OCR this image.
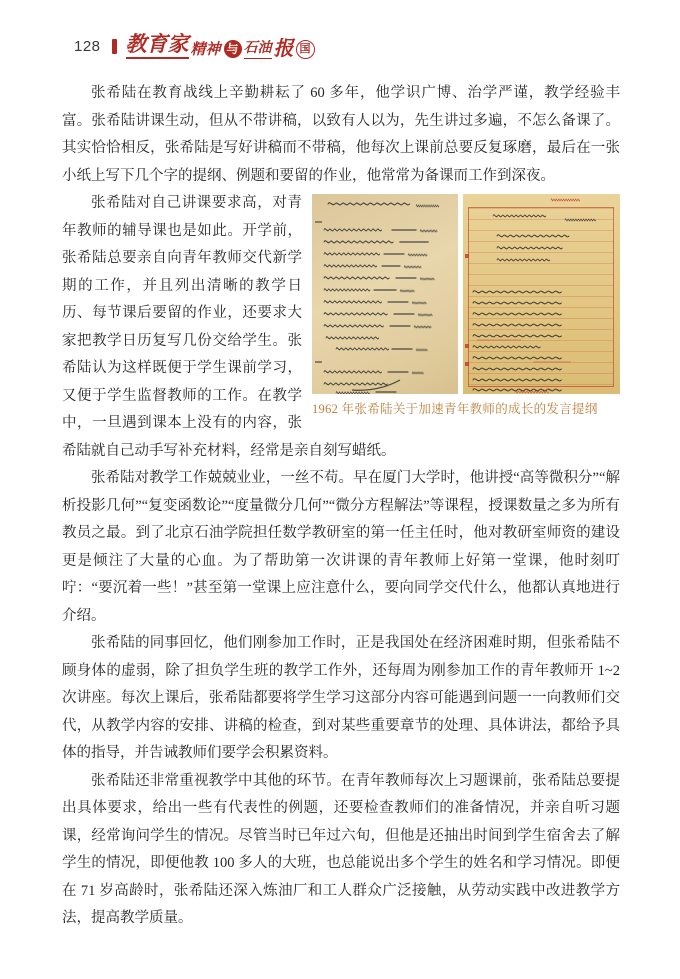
128 教育家 精神 与 石油 报 国
张希陆在教育战线上辛勤耕耘了 60 多年，他学识广博、治学严谨，教学经验丰富。张希陆讲课生动，但从不带讲稿，以致有人以为，先生讲过多遍，不怎么备课了。其实恰恰相反，张希陆是写好讲稿而不带稿，他每次上课前总要反复琢磨，最后在一张小纸上写下几个字的提纲、例题和要留的作业，他常常为备课而工作到深夜。
1962 年张希陆关于加速青年教师的成长的发言提纲
张希陆对自己讲课要求高，对青年教师的辅导课也是如此。开学前，张希陆总要亲自向青年教师交代新学期的工作，并且列出清晰的教学日历、每节课后要留的作业，还要求大家把教学日历复写几份交给学生。张希陆认为这样既便于学生课前学习，又便于学生监督教师的工作。在教学中，一旦遇到课本上没有的内容，张希陆就自己动手写补充材料，经常是亲自刻写蜡纸。
张希陆对教学工作兢兢业业，一丝不苟。早在厦门大学时，他讲授“高等微积分”“解析投影几何”“复变函数论”“度量微分几何”“微分方程解法”等课程，授课数量之多为所有教员之最。到了北京石油学院担任数学教研室的第一任主任时，他对教研室师资的建设更是倾注了大量的心血。为了帮助第一次讲课的青年教师上好第一堂课，他时刻叮咛：“要沉着一些！”甚至第一堂课上应注意什么，要向同学交代什么，他都认真地进行介绍。
张希陆的同事回忆，他们刚参加工作时，正是我国处在经济困难时期，但张希陆不顾身体的虚弱，除了担负学生班的教学工作外，还每周为刚参加工作的青年教师开 1~2 次讲座。每次上课后，张希陆都要将学生学习这部分内容可能遇到问题一一向教师们交代，从教学内容的安排、讲稿的检查，到对某些重要章节的处理、具体讲法，都给予具体的指导，并告诫教师们要学会积累资料。
张希陆还非常重视教学中其他的环节。在青年教师每次上习题课前，张希陆总要提出具体要求，给出一些有代表性的例题，还要检查教师们的准备情况，并亲自听习题课，经常询问学生的情况。尽管当时已年过六旬，但他是还抽出时间到学生宿舍去了解学生的情况，即便他教 100 多人的大班，也总能说出多个学生的姓名和学习情况。即便在 71 岁高龄时，张希陆还深入炼油厂和工人群众广泛接触，从劳动实践中改进教学方法，提高教学质量。
